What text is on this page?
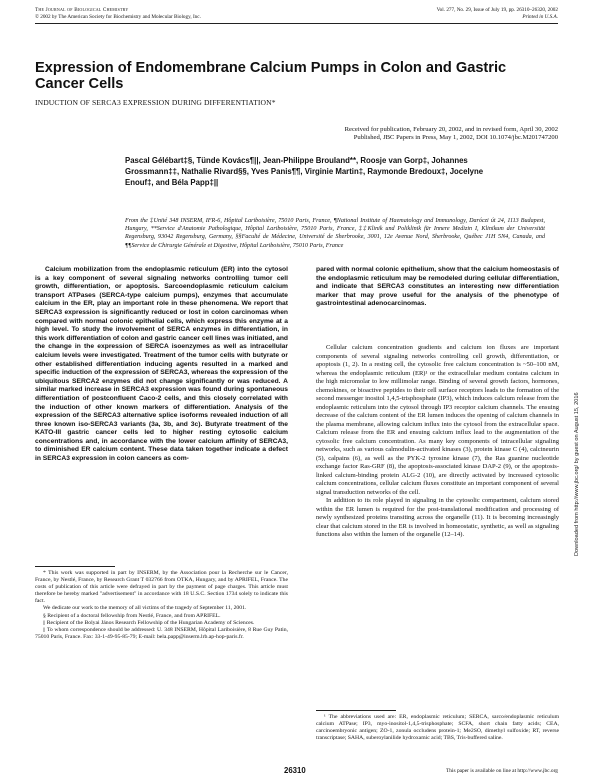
The Journal of Biological Chemistry
© 2002 by The American Society for Biochemistry and Molecular Biology, Inc.
Vol. 277, No. 29, Issue of July 19, pp. 26310–26320, 2002
Printed in U.S.A.
Expression of Endomembrane Calcium Pumps in Colon and Gastric Cancer Cells
INDUCTION OF SERCA3 EXPRESSION DURING DIFFERENTIATION*
Received for publication, February 20, 2002, and in revised form, April 30, 2002
Published, JBC Papers in Press, May 1, 2002, DOI 10.1074/jbc.M201747200
Pascal Gélébart‡§, Tünde Kovács¶||, Jean-Philippe Brouland**, Roosje van Gorp‡, Johannes Grossmann‡‡, Nathalie Rivard§§, Yves Panis¶¶, Virginie Martin‡, Raymonde Bredoux‡, Jocelyne Enouf‡, and Béla Papp‡||
From the ‡Unité 348 INSERM, IFR-6, Hôpital Lariboisière, 75010 Paris, France, ¶National Institute of Haematology and Immunology, Daróczi út 24, 1113 Budapest, Hungary, **Service d'Anatomie Pathologique, Hôpital Lariboisière, 75010 Paris, France, ‡‡Klinik und Poliklinik für Innere Medizin I, Klinikum der Universität Regensburg, 93042 Regensburg, Germany, §§Faculté de Médecine, Université de Sherbrooke, 3001, 12e Avenue Nord, Sherbrooke, Québec J1H 5N4, Canada, and ¶¶Service de Chirurgie Générale et Digestive, Hôpital Lariboisière, 75010 Paris, France
Calcium mobilization from the endoplasmic reticulum (ER) into the cytosol is a key component of several signaling networks controlling tumor cell growth, differentiation, or apoptosis. Sarcoendoplasmic reticulum calcium transport ATPases (SERCA-type calcium pumps), enzymes that accumulate calcium in the ER, play an important role in these phenomena. We report that SERCA3 expression is significantly reduced or lost in colon carcinomas when compared with normal colonic epithelial cells, which express this enzyme at a high level. To study the involvement of SERCA enzymes in differentiation, in this work differentiation of colon and gastric cancer cell lines was initiated, and the change in the expression of SERCA isoenzymes as well as intracellular calcium levels were investigated. Treatment of the tumor cells with butyrate or other established differentiation inducing agents resulted in a marked and specific induction of the expression of SERCA3, whereas the expression of the ubiquitous SERCA2 enzymes did not change significantly or was reduced. A similar marked increase in SERCA3 expression was found during spontaneous differentiation of postconfluent Caco-2 cells, and this closely correlated with the induction of other known markers of differentiation. Analysis of the expression of the SERCA3 alternative splice isoforms revealed induction of all three known iso-SERCA3 variants (3a, 3b, and 3c). Butyrate treatment of the KATO-III gastric cancer cells led to higher resting cytosolic calcium concentrations and, in accordance with the lower calcium affinity of SERCA3, to diminished ER calcium content. These data taken together indicate a defect in SERCA3 expression in colon cancers as com-
pared with normal colonic epithelium, show that the calcium homeostasis of the endoplasmic reticulum may be remodeled during cellular differentiation, and indicate that SERCA3 constitutes an interesting new differentiation marker that may prove useful for the analysis of the phenotype of gastrointestinal adenocarcinomas.

Cellular calcium concentration gradients and calcium ion fluxes are important components of several signaling networks controlling cell growth, differentiation, or apoptosis (1, 2). In a resting cell, the cytosolic free calcium concentration is ~50–100 nM, whereas the endoplasmic reticulum (ER)¹ or the extracellular medium contains calcium in the high micromolar to low millimolar range. Binding of several growth factors, hormones, chemokines, or bioactive peptides to their cell surface receptors leads to the formation of the second messenger inositol 1,4,5-trisphosphate (IP3), which induces calcium release from the endoplasmic reticulum into the cytosol through IP3 receptor calcium channels. The ensuing decrease of the calcium content of the ER lumen induces the opening of calcium channels in the plasma membrane, allowing calcium influx into the cytosol from the extracellular space. Calcium release from the ER and ensuing calcium influx lead to the augmentation of the cytosolic free calcium concentration. As many key components of intracellular signaling networks, such as various calmodulin-activated kinases (3), protein kinase C (4), calcineurin (5), calpains (6), as well as the PYK-2 tyrosine kinase (7), the Ras guanine nucleotide exchange factor Ras-GRF (8), the apoptosis-associated kinase DAP-2 (9), or the apoptosis-linked calcium-binding protein ALG-2 (10), are directly activated by increased cytosolic calcium concentrations, cellular calcium fluxes constitute an important component of several signal transduction networks of the cell.

In addition to its role played in signaling in the cytosolic compartment, calcium stored within the ER lumen is required for the post-translational modification and processing of newly synthesized proteins transiting across the organelle (11). It is becoming increasingly clear that calcium stored in the ER is involved in homeostatic, synthetic, as well as signaling functions also within the lumen of the organelle (12–14).

* This work was supported in part by INSERM, by the Association pour la Recherche sur le Cancer, France, by Nestlé, France, by Research Grant T 032766 from OTKA, Hungary, and by APRIFEL, France. The costs of publication of this article were defrayed in part by the payment of page charges. This article must therefore be hereby marked "advertisement" in accordance with 18 U.S.C. Section 1734 solely to indicate this fact.

We dedicate our work to the memory of all victims of the tragedy of September 11, 2001.

§ Recipient of a doctoral fellowship from Nestlé, France, and from APRIFEL.

|| Recipient of the Bolyai János Research Fellowship of the Hungarian Academy of Sciences.

|| To whom correspondence should be addressed: U. 348 INSERM, Hôpital Lariboisière, 8 Rue Guy Patin, 75010 Paris, France. Fax: 33-1-49-95-85-79; E-mail: bela.papp@inserm.lrb.ap-hop-paris.fr.

¹ The abbreviations used are: ER, endoplasmic reticulum; SERCA, sarco/endoplasmic reticulum calcium ATPase; IP3, myo-inositol-1,4,5-trisphosphate; SCFA, short chain fatty acids; CEA, carcinoembryonic antigen; ZO-1, zonula occludens protein-1; Me2SO, dimethyl sulfoxide; RT, reverse transcriptase; SAHA, suberoylanilide hydroxamic acid; TBS, Tris-buffered saline.
26310	This paper is available on line at http://www.jbc.org
Downloaded from http://www.jbc.org/ by guest on August 15, 2016
